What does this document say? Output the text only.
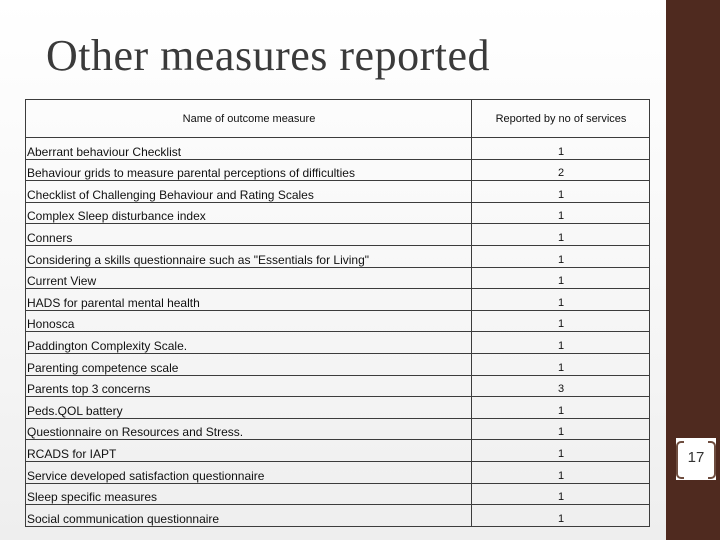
Other measures reported
Name of outcome measure	Reported by no of services
Aberrant behaviour Checklist	1
Behaviour grids to measure parental perceptions of difficulties	2
Checklist of Challenging Behaviour and Rating Scales	1
Complex Sleep disturbance index	1
Conners	1
Considering a skills questionnaire such as "Essentials for Living"	1
Current View	1
HADS for parental mental health	1
Honosca	1
Paddington Complexity Scale.	1
Parenting competence scale	1
Parents top 3 concerns	3
Peds.QOL battery	1
Questionnaire on Resources and Stress.	1
RCADS for IAPT	1
Service developed satisfaction questionnaire	1
Sleep specific measures	1
Social communication questionnaire	1
17
